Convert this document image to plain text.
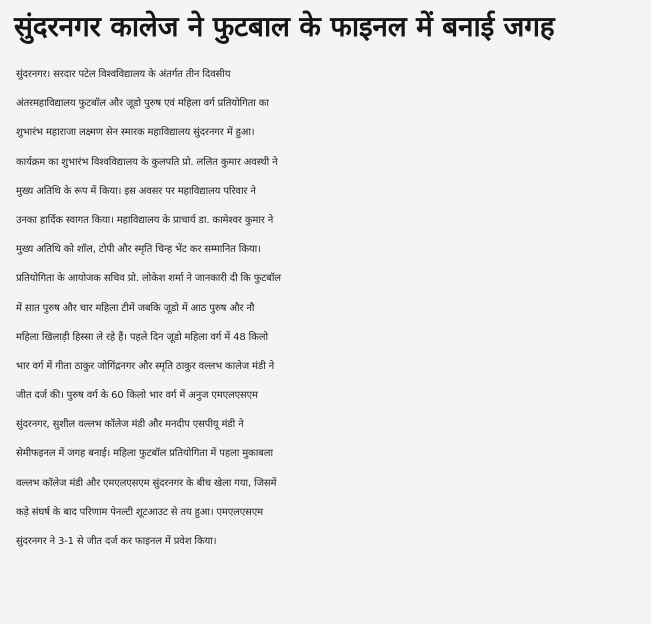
सुंदरनगर कालेज ने फुटबाल के फाइनल में बनाई जगह
सुंदरनगर। सरदार पटेल विश्वविद्यालय के अंतर्गत तीन दिवसीय
अंतरमहाविद्यालय फुटबॉल और जूडो पुरुष एवं महिला वर्ग प्रतियोगिता का
शुभारंभ महाराजा लक्ष्मण सेन स्मारक महाविद्यालय सुंदरनगर में हुआ।
कार्यक्रम का शुभारंभ विश्वविद्यालय के कुलपति प्रो. ललित कुमार अवस्थी ने
मुख्य अतिथि के रूप में किया। इस अवसर पर महाविद्यालय परिवार ने
उनका हार्दिक स्वागत किया। महाविद्यालय के प्राचार्य डा. कामेश्वर कुमार ने
मुख्य अतिथि को शॉल, टोपी और स्मृति चिन्ह भेंट कर सम्मानित किया।
प्रतियोगिता के आयोजक सचिव प्रो. लोकेश शर्मा ने जानकारी दी कि फुटबॉल
में सात पुरुष और चार महिला टीमें जबकि जूडो में आठ पुरुष और नौ
महिला खिलाड़ी हिस्सा ले रहे हैं। पहले दिन जूडो महिला वर्ग में 48 किलो
भार वर्ग में गीता ठाकुर जोगिंद्रनगर और स्मृति ठाकुर वल्लभ कालेज मंडी ने
जीत दर्ज की। पुरुष वर्ग के 60 किलो भार वर्ग में अनुज एमएलएसएम
सुंदरनगर, सुशील वल्लभ कॉलेज मंडी और मनदीप एसपीयू मंडी ने
सेमीफइनल में जगह बनाई। महिला फुटबॉल प्रतियोगिता में पहला मुकाबला
वल्लभ कॉलेज मंडी और एमएलएसएम सुंदरनगर के बीच खेला गया, जिसमें
कड़े संघर्ष के बाद परिणाम पेनल्टी शूटआउट से तय हुआ। एमएलएसएम
सुंदरनगर ने 3-1 से जीत दर्ज कर फाइनल में प्रवेश किया।
